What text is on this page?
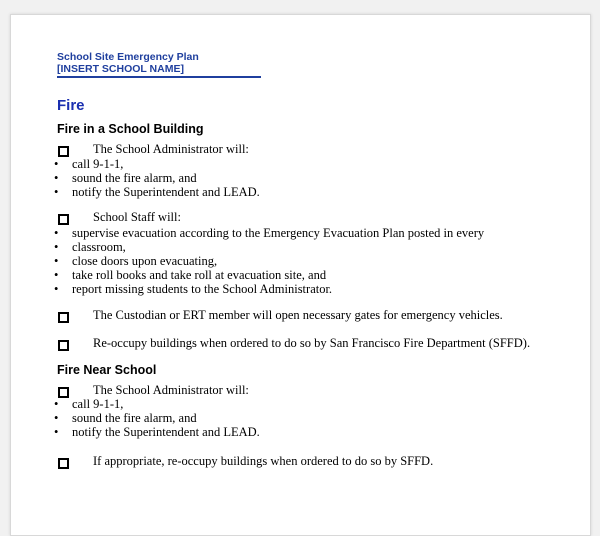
School Site Emergency Plan
[INSERT SCHOOL NAME]
Fire
Fire in a School Building
The School Administrator will:
• call 9-1-1,
• sound the fire alarm, and
• notify the Superintendent and LEAD.
School Staff will:
• supervise evacuation according to the Emergency Evacuation Plan posted in every
• classroom,
• close doors upon evacuating,
• take roll books and take roll at evacuation site, and
• report missing students to the School Administrator.
The Custodian or ERT member will open necessary gates for emergency vehicles.
Re-occupy buildings when ordered to do so by San Francisco Fire Department (SFFD).
Fire Near School
The School Administrator will:
• call 9-1-1,
• sound the fire alarm, and
• notify the Superintendent and LEAD.
If appropriate, re-occupy buildings when ordered to do so by SFFD.
